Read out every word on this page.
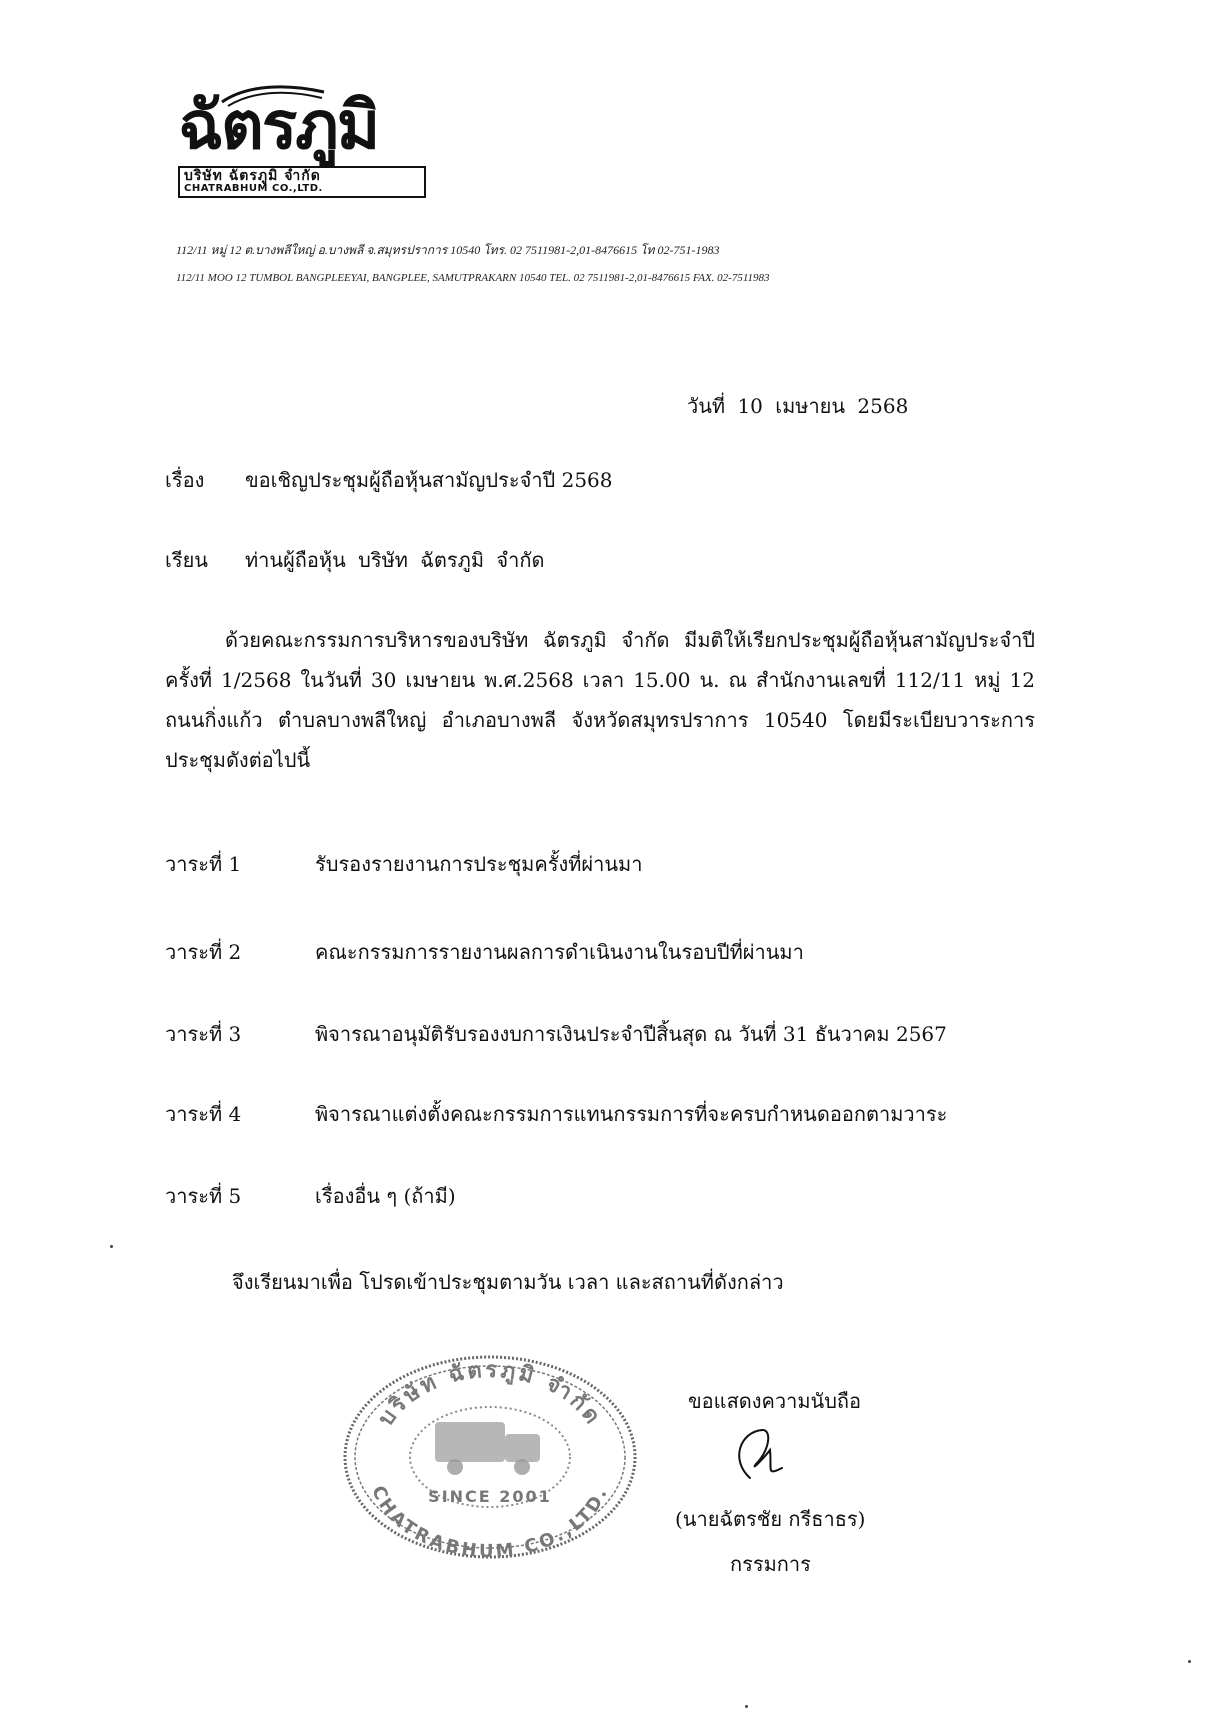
ฉัตรภูมิ
บริษัท ฉัตรภูมิ จำกัด
CHATRABHUM CO.,LTD.
112/11 หมู่ 12 ต.บางพลีใหญ่ อ.บางพลี จ.สมุทรปราการ 10540 โทร. 02 7511981-2,01-8476615 โท 02-751-1983
112/11 MOO 12 TUMBOL BANGPLEEYAI, BANGPLEE, SAMUTPRAKARN 10540 TEL. 02 7511981-2,01-8476615 FAX. 02-7511983
วันที่ 10 เมษายน 2568
เรื่อง ขอเชิญประชุมผู้ถือหุ้นสามัญประจำปี 2568
เรียน ท่านผู้ถือหุ้น บริษัท ฉัตรภูมิ จำกัด

ด้วยคณะกรรมการบริหารของบริษัท ฉัตรภูมิ จำกัด มีมติให้เรียกประชุมผู้ถือหุ้นสามัญประจำปี ครั้งที่ 1/2568 ในวันที่ 30 เมษายน พ.ศ.2568 เวลา 15.00 น. ณ สำนักงานเลขที่ 112/11 หมู่ 12 ถนนกิ่งแก้ว ตำบลบางพลีใหญ่ อำเภอบางพลี จังหวัดสมุทรปราการ 10540 โดยมีระเบียบวาระการประชุมดังต่อไปนี้

วาระที่ 1	รับรองรายงานการประชุมครั้งที่ผ่านมา
วาระที่ 2	คณะกรรมการรายงานผลการดำเนินงานในรอบปีที่ผ่านมา
วาระที่ 3	พิจารณาอนุมัติรับรองงบการเงินประจำปีสิ้นสุด ณ วันที่ 31 ธันวาคม 2567
วาระที่ 4	พิจารณาแต่งตั้งคณะกรรมการแทนกรรมการที่จะครบกำหนดออกตามวาระ
วาระที่ 5	เรื่องอื่น ๆ (ถ้ามี)
จึงเรียนมาเพื่อ โปรดเข้าประชุมตามวัน เวลา และสถานที่ดังกล่าว
บริษัท ฉัตรภูมิ จำกัด
CHATRABHUM CO.,LTD.
SINCE 2001
ขอแสดงความนับถือ
(นายฉัตรชัย กรีธาธร)
กรรมการ
